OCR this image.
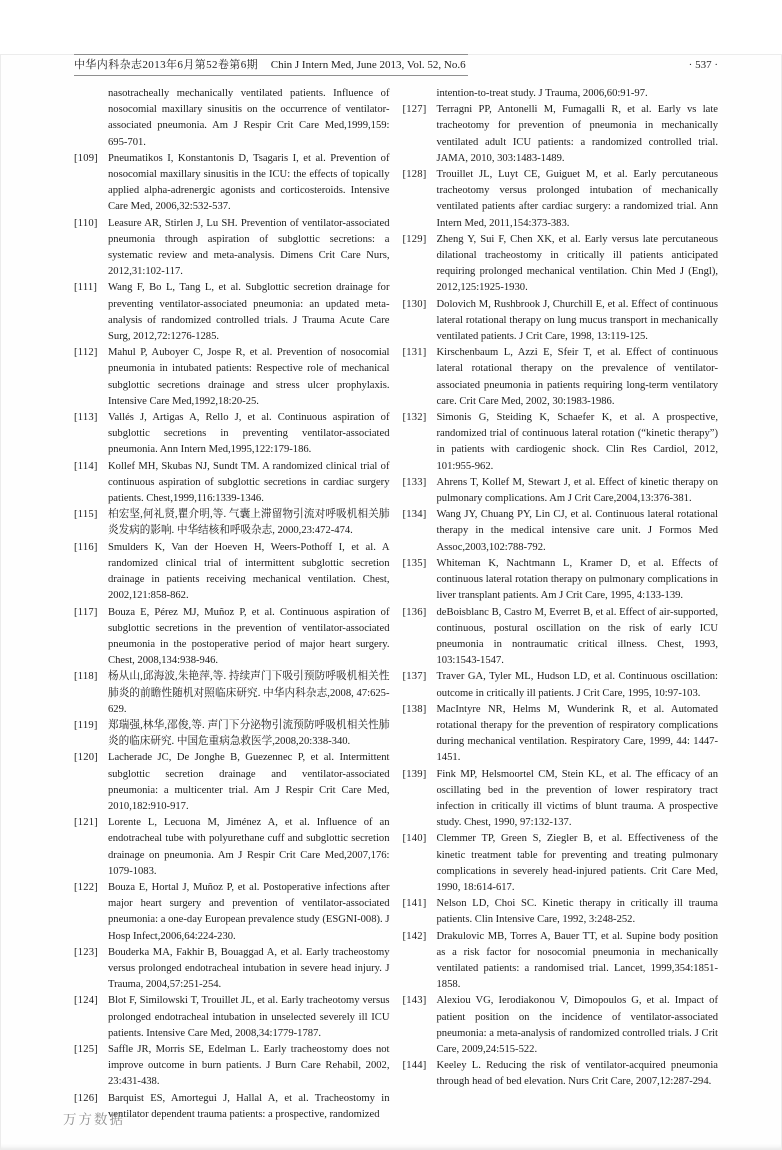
中华内科杂志2013年6月第52卷第6期 Chin J Intern Med, June 2013, Vol. 52, No.6	· 537 ·
nasotracheally mechanically ventilated patients. Influence of nosocomial maxillary sinusitis on the occurrence of ventilator-associated pneumonia. Am J Respir Crit Care Med,1999,159: 695-701.
[109] Pneumatikos I, Konstantonis D, Tsagaris I, et al. Prevention of nosocomial maxillary sinusitis in the ICU: the effects of topically applied alpha-adrenergic agonists and corticosteroids. Intensive Care Med, 2006,32:532-537.
[110] Leasure AR, Stirlen J, Lu SH. Prevention of ventilator-associated pneumonia through aspiration of subglottic secretions: a systematic review and meta-analysis. Dimens Crit Care Nurs, 2012,31:102-117.
[111]	Wang F, Bo L, Tang L, et al. Subglottic secretion drainage for preventing ventilator-associated pneumonia: an updated meta-analysis of randomized controlled trials. J Trauma Acute Care Surg, 2012,72:1276-1285.
[112] Mahul P, Auboyer C, Jospe R, et al. Prevention of nosocomial pneumonia in intubated patients: Respective role of mechanical subglottic secretions drainage and stress ulcer prophylaxis. Intensive Care Med,1992,18:20-25.
[113] Vallés J, Artigas A, Rello J, et al. Continuous aspiration of subglottic secretions in preventing ventilator-associated pneumonia. Ann Intern Med,1995,122:179-186.
[114] Kollef MH, Skubas NJ, Sundt TM. A randomized clinical trial of continuous aspiration of subglottic secretions in cardiac surgery patients. Chest,1999,116:1339-1346.
[115] 柏宏坚,何礼贤,瞿介明,等. 气囊上滞留物引流对呼吸机相关肺炎发病的影响. 中华结核和呼吸杂志, 2000,23:472-474.
[116] Smulders K, Van der Hoeven H, Weers-Pothoff I, et al. A randomized clinical trial of intermittent subglottic secretion drainage in patients receiving mechanical ventilation. Chest, 2002,121:858-862.
[117] Bouza E, Pérez MJ, Muñoz P, et al. Continuous aspiration of subglottic secretions in the prevention of ventilator-associated pneumonia in the postoperative period of major heart surgery. Chest, 2008,134:938-946.
[118] 杨从山,邱海波,朱艳萍,等. 持续声门下吸引预防呼吸机相关性肺炎的前瞻性随机对照临床研究. 中华内科杂志,2008, 47:625-629.
[119] 郑瑞强,林华,邵俊,等. 声门下分泌物引流预防呼吸机相关性肺炎的临床研究. 中国危重病急救医学,2008,20:338-340.
[120] Lacherade JC, De Jonghe B, Guezennec P, et al. Intermittent subglottic secretion drainage and ventilator-associated pneumonia: a multicenter trial. Am J Respir Crit Care Med, 2010,182:910-917.
[121] Lorente L, Lecuona M, Jiménez A, et al. Influence of an endotracheal tube with polyurethane cuff and subglottic secretion drainage on pneumonia. Am J Respir Crit Care Med,2007,176: 1079-1083.
[122] Bouza E, Hortal J, Muñoz P, et al. Postoperative infections after major heart surgery and prevention of ventilator-associated pneumonia: a one-day European prevalence study (ESGNI-008). J Hosp Infect,2006,64:224-230.
[123] Bouderka MA, Fakhir B, Bouaggad A, et al. Early tracheostomy versus prolonged endotracheal intubation in severe head injury. J Trauma, 2004,57:251-254.
[124] Blot F, Similowski T, Trouillet JL, et al. Early tracheotomy versus prolonged endotracheal intubation in unselected severely ill ICU patients. Intensive Care Med, 2008,34:1779-1787.
[125] Saffle JR, Morris SE, Edelman L. Early tracheostomy does not improve outcome in burn patients. J Burn Care Rehabil, 2002, 23:431-438.
[126] Barquist ES, Amortegui J, Hallal A, et al. Tracheostomy in ventilator dependent trauma patients: a prospective, randomized
intention-to-treat study. J Trauma, 2006,60:91-97.
[127] Terragni PP, Antonelli M, Fumagalli R, et al. Early vs late tracheotomy for prevention of pneumonia in mechanically ventilated adult ICU patients: a randomized controlled trial. JAMA, 2010, 303:1483-1489.
[128] Trouillet JL, Luyt CE, Guiguet M, et al. Early percutaneous tracheotomy versus prolonged intubation of mechanically ventilated patients after cardiac surgery: a randomized trial. Ann Intern Med, 2011,154:373-383.
[129] Zheng Y, Sui F, Chen XK, et al. Early versus late percutaneous dilational tracheostomy in critically ill patients anticipated requiring prolonged mechanical ventilation. Chin Med J (Engl), 2012,125:1925-1930.
[130] Dolovich M, Rushbrook J, Churchill E, et al. Effect of continuous lateral rotational therapy on lung mucus transport in mechanically ventilated patients. J Crit Care, 1998, 13:119-125.
[131] Kirschenbaum L, Azzi E, Sfeir T, et al. Effect of continuous lateral rotational therapy on the prevalence of ventilator-associated pneumonia in patients requiring long-term ventilatory care. Crit Care Med, 2002, 30:1983-1986.
[132] Simonis G, Steiding K, Schaefer K, et al. A prospective, randomized trial of continuous lateral rotation (“kinetic therapy”) in patients with cardiogenic shock. Clin Res Cardiol, 2012, 101:955-962.
[133] Ahrens T, Kollef M, Stewart J, et al. Effect of kinetic therapy on pulmonary complications. Am J Crit Care,2004,13:376-381.
[134] Wang JY, Chuang PY, Lin CJ, et al. Continuous lateral rotational therapy in the medical intensive care unit. J Formos Med Assoc,2003,102:788-792.
[135] Whiteman K, Nachtmann L, Kramer D, et al. Effects of continuous lateral rotation therapy on pulmonary complications in liver transplant patients. Am J Crit Care, 1995, 4:133-139.
[136] deBoisblanc B, Castro M, Everret B, et al. Effect of air-supported, continuous, postural oscillation on the risk of early ICU pneumonia in nontraumatic critical illness. Chest, 1993, 103:1543-1547.
[137] Traver GA, Tyler ML, Hudson LD, et al. Continuous oscillation: outcome in critically ill patients. J Crit Care, 1995, 10:97-103.
[138] MacIntyre NR, Helms M, Wunderink R, et al. Automated rotational therapy for the prevention of respiratory complications during mechanical ventilation. Respiratory Care, 1999, 44: 1447-1451.
[139] Fink MP, Helsmoortel CM, Stein KL, et al. The efficacy of an oscillating bed in the prevention of lower respiratory tract infection in critically ill victims of blunt trauma. A prospective study. Chest, 1990, 97:132-137.
[140] Clemmer TP, Green S, Ziegler B, et al. Effectiveness of the kinetic treatment table for preventing and treating pulmonary complications in severely head-injured patients. Crit Care Med, 1990, 18:614-617.
[141] Nelson LD, Choi SC. Kinetic therapy in critically ill trauma patients. Clin Intensive Care, 1992, 3:248-252.
[142] Drakulovic MB, Torres A, Bauer TT, et al. Supine body position as a risk factor for nosocomial pneumonia in mechanically ventilated patients: a randomised trial. Lancet, 1999,354:1851-1858.
[143] Alexiou VG, Ierodiakonou V, Dimopoulos G, et al. Impact of patient position on the incidence of ventilator-associated pneumonia: a meta-analysis of randomized controlled trials. J Crit Care, 2009,24:515-522.
[144] Keeley L. Reducing the risk of ventilator-acquired pneumonia through head of bed elevation. Nurs Crit Care, 2007,12:287-294.
万方数据
